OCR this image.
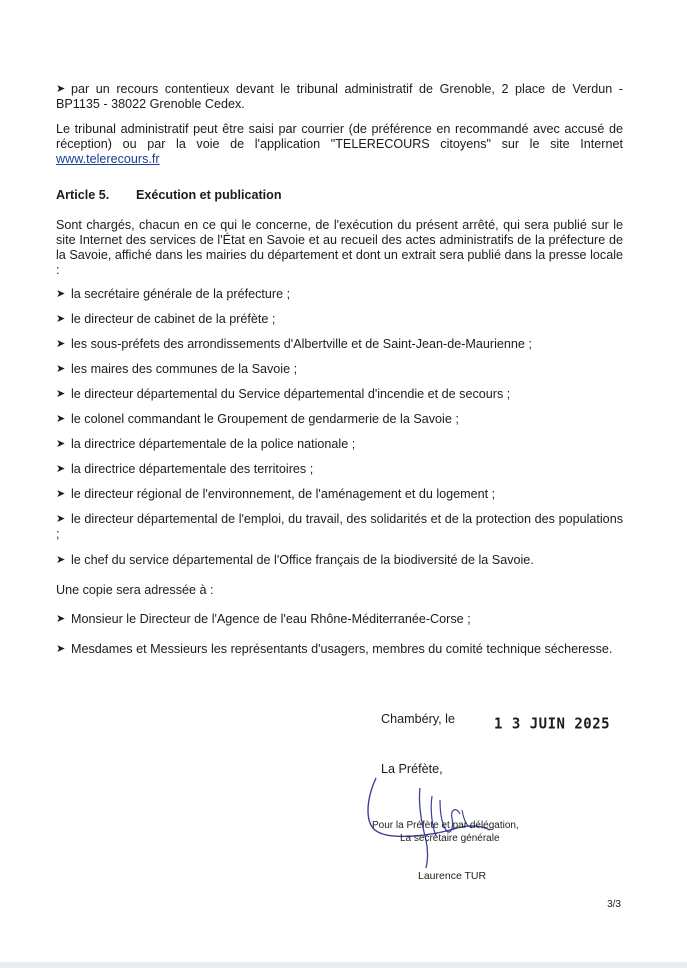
➤ par un recours contentieux devant le tribunal administratif de Grenoble, 2 place de Verdun - BP1135 - 38022 Grenoble Cedex.
Le tribunal administratif peut être saisi par courrier (de préférence en recommandé avec accusé de réception) ou par la voie de l'application "TELERECOURS citoyens" sur le site Internet www.telerecours.fr
Article 5. Exécution et publication
Sont chargés, chacun en ce qui le concerne, de l'exécution du présent arrêté, qui sera publié sur le site Internet des services de l'État en Savoie et au recueil des actes administratifs de la préfecture de la Savoie, affiché dans les mairies du département et dont un extrait sera publié dans la presse locale :
➤ la secrétaire générale de la préfecture ;
➤ le directeur de cabinet de la préfète ;
➤ les sous-préfets des arrondissements d'Albertville et de Saint-Jean-de-Maurienne ;
➤ les maires des communes de la Savoie ;
➤ le directeur départemental du Service départemental d'incendie et de secours ;
➤ le colonel commandant le Groupement de gendarmerie de la Savoie ;
➤ la directrice départementale de la police nationale ;
➤ la directrice départementale des territoires ;
➤ le directeur régional de l'environnement, de l'aménagement et du logement ;
➤ le directeur départemental de l'emploi, du travail, des solidarités et de la protection des populations ;
➤ le chef du service départemental de l'Office français de la biodiversité de la Savoie.
Une copie sera adressée à :
➤ Monsieur le Directeur de l'Agence de l'eau Rhône-Méditerranée-Corse ;
➤ Mesdames et Messieurs les représentants d'usagers, membres du comité technique sécheresse.
Chambéry, le	1 3 JUIN 2025
La Préfète,
Pour la Préfète et par délégation,
La secrétaire générale
Laurence TUR
3/3
